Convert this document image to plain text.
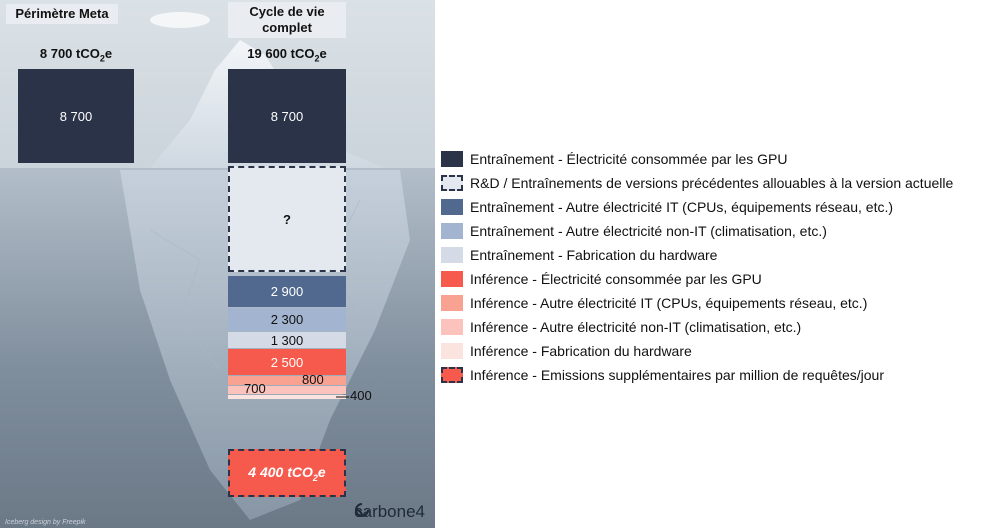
Périmètre Meta	Cycle de vie complet
8 700 tCO$_2$e	19 600 tCO$_2$e
8 700	8 700
?
2 900
2 300
1 300
2 500
800
700	400
4 400 tCO$_2$e
Iceberg design by Freepik
carbone4
Entraînement - Électricité consommée par les GPU
R&D / Entraînements de versions précédentes allouables à la version actuelle
Entraînement - Autre électricité IT (CPUs, équipements réseau, etc.)
Entraînement - Autre électricité non-IT (climatisation, etc.)
Entraînement - Fabrication du hardware
Inférence - Électricité consommée par les GPU
Inférence - Autre électricité IT (CPUs, équipements réseau, etc.)
Inférence - Autre électricité non-IT (climatisation, etc.)
Inférence - Fabrication du hardware
Inférence - Emissions supplémentaires par million de requêtes/jour
